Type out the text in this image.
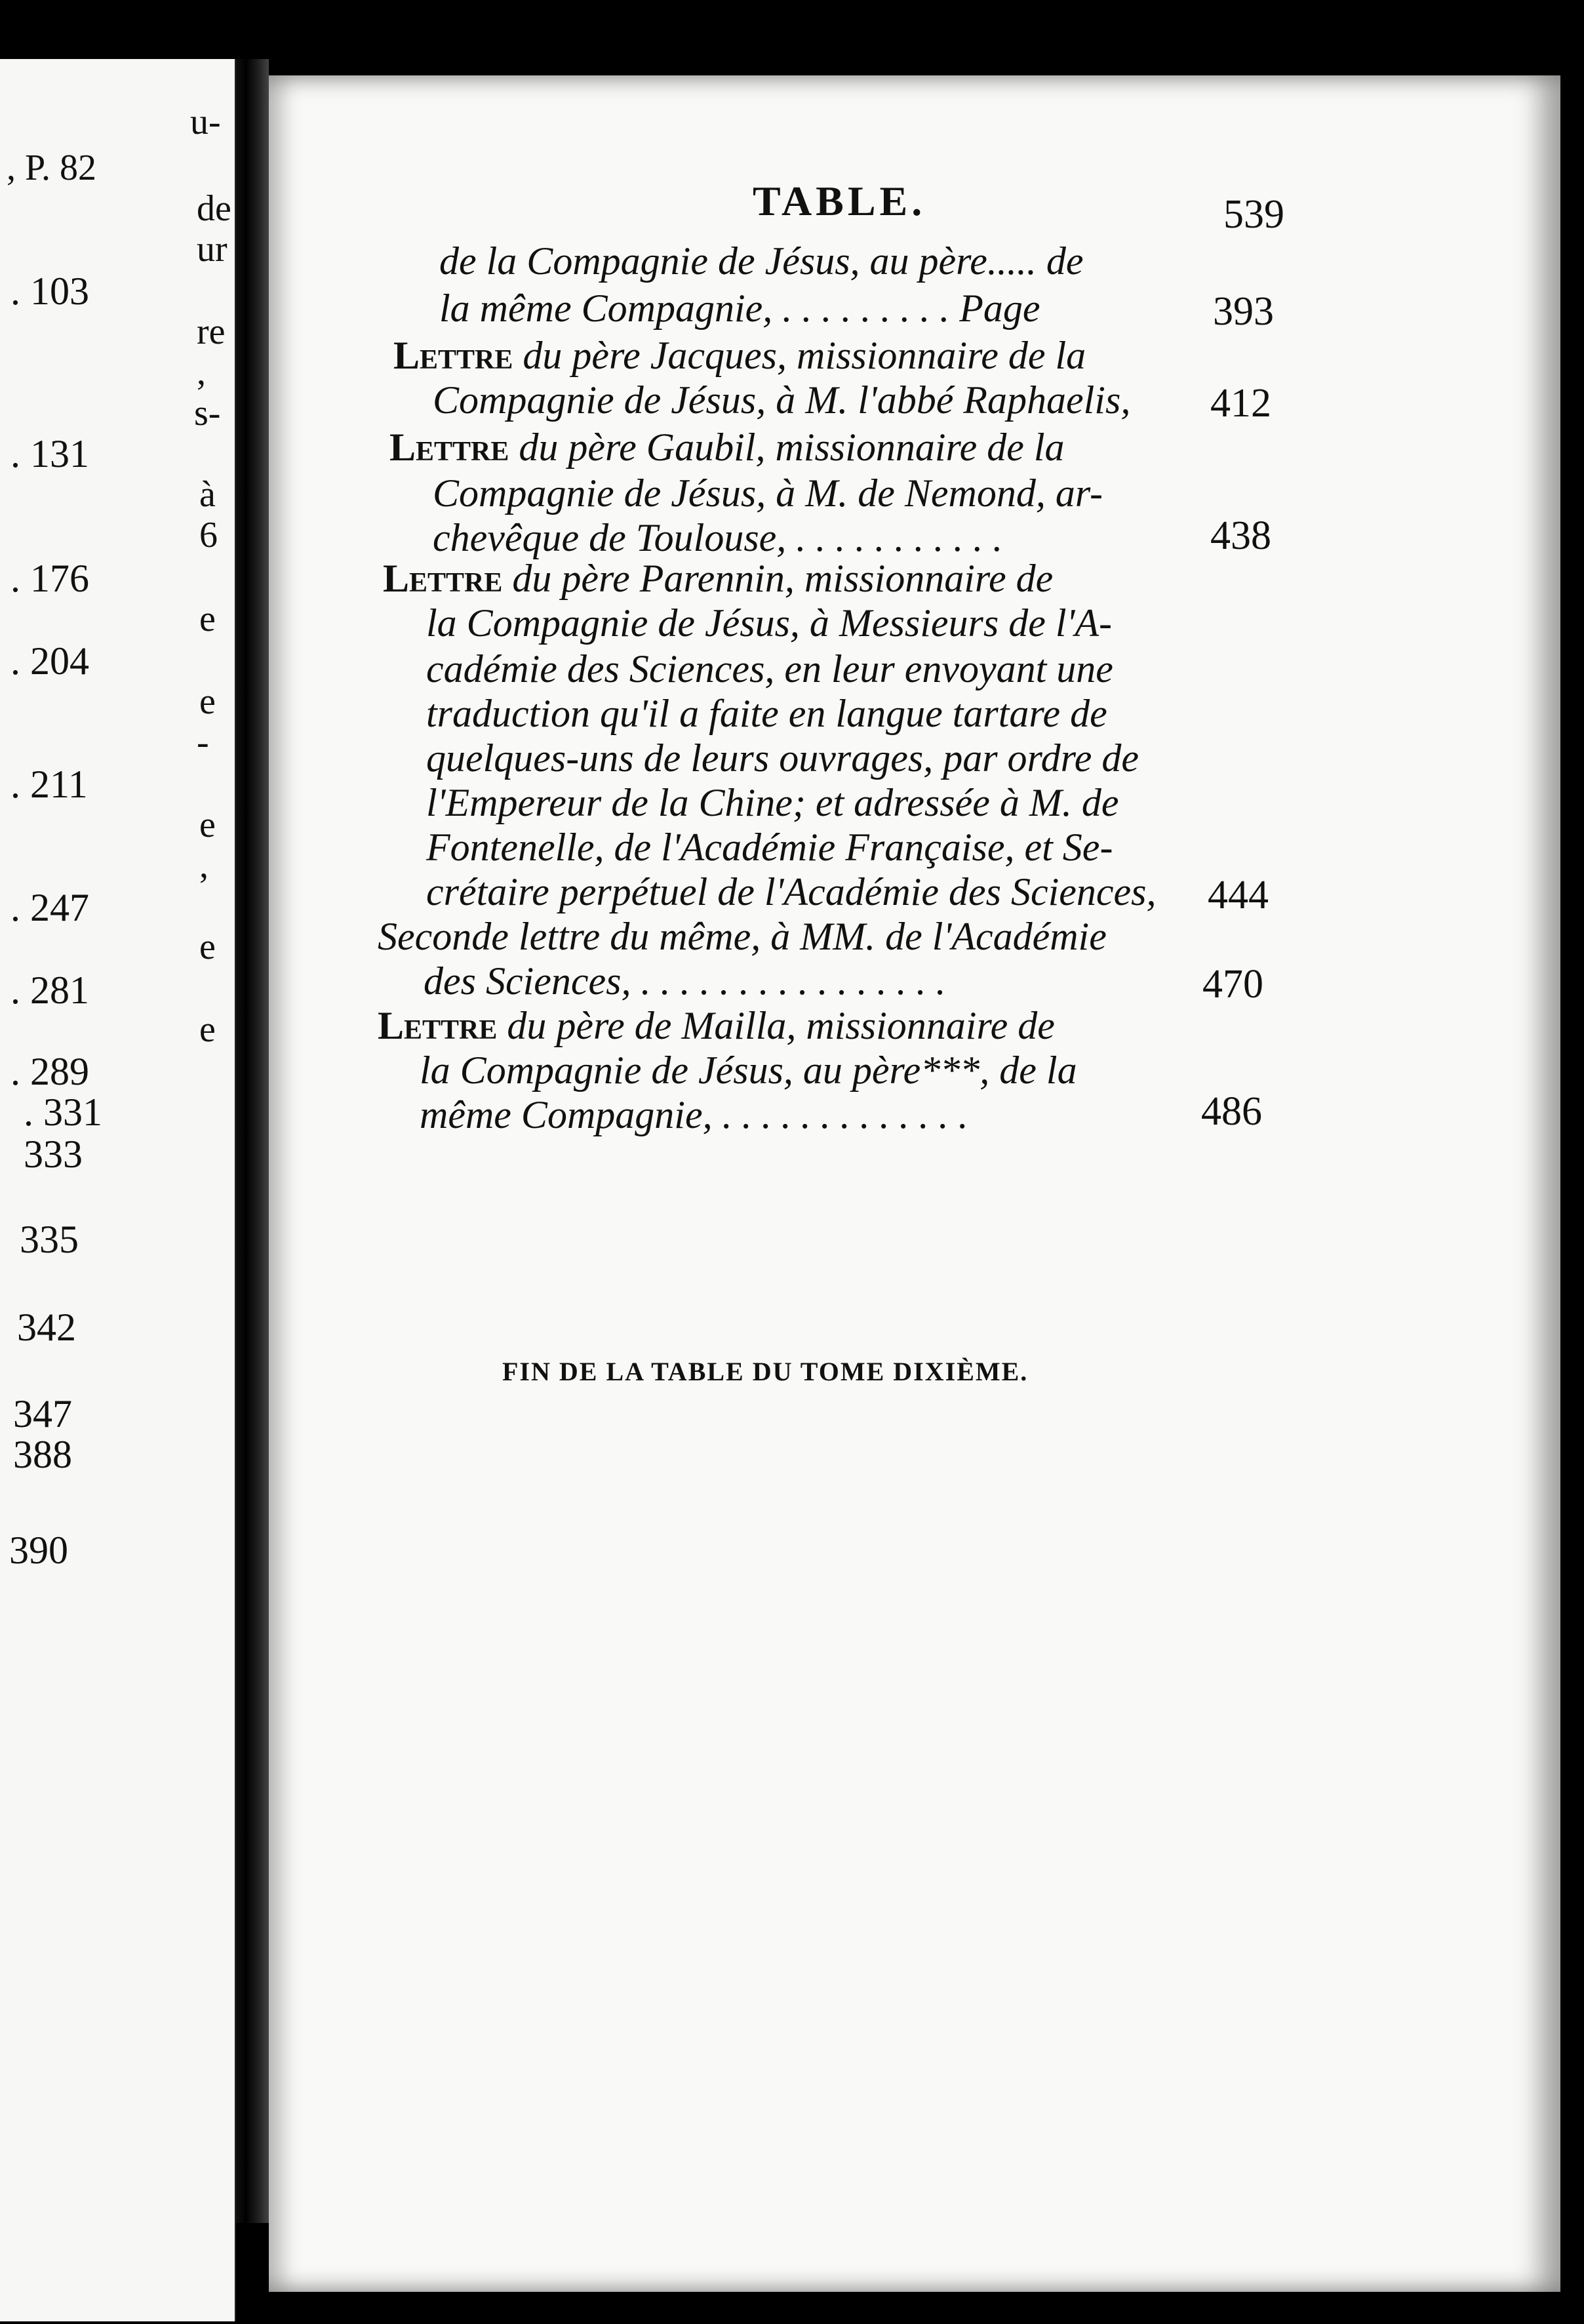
u-
, P. 82
de
ur
. 103
re
,
s-
. 131
à
6
. 176
e
. 204
e
-
. 211
e
,
. 247
e
. 281
e
. 289
. 331
333
335
342
347
388
390
TABLE.	539
de la Compagnie de Jésus, au père..... de
la même Compagnie, . . . . . . . . . Page	393
Lettre du père Jacques, missionnaire de la
Compagnie de Jésus, à M. l'abbé Raphaelis, 412
Lettre du père Gaubil, missionnaire de la
Compagnie de Jésus, à M. de Nemond, ar-
chevêque de Toulouse, . . . . . . . . . . .	438
Lettre du père Parennin, missionnaire de
la Compagnie de Jésus, à Messieurs de l'A-
cadémie des Sciences, en leur envoyant une
traduction qu'il a faite en langue tartare de
quelques-uns de leurs ouvrages, par ordre de
l'Empereur de la Chine; et adressée à M. de
Fontenelle, de l'Académie Française, et Se-
crétaire perpétuel de l'Académie des Sciences, 444
Seconde lettre du même, à MM. de l'Académie
des Sciences, . . . . . . . . . . . . . . . .	470
Lettre du père de Mailla, missionnaire de
la Compagnie de Jésus, au père***, de la
même Compagnie, . . . . . . . . . . . . .	486
FIN DE LA TABLE DU TOME DIXIÈME.
